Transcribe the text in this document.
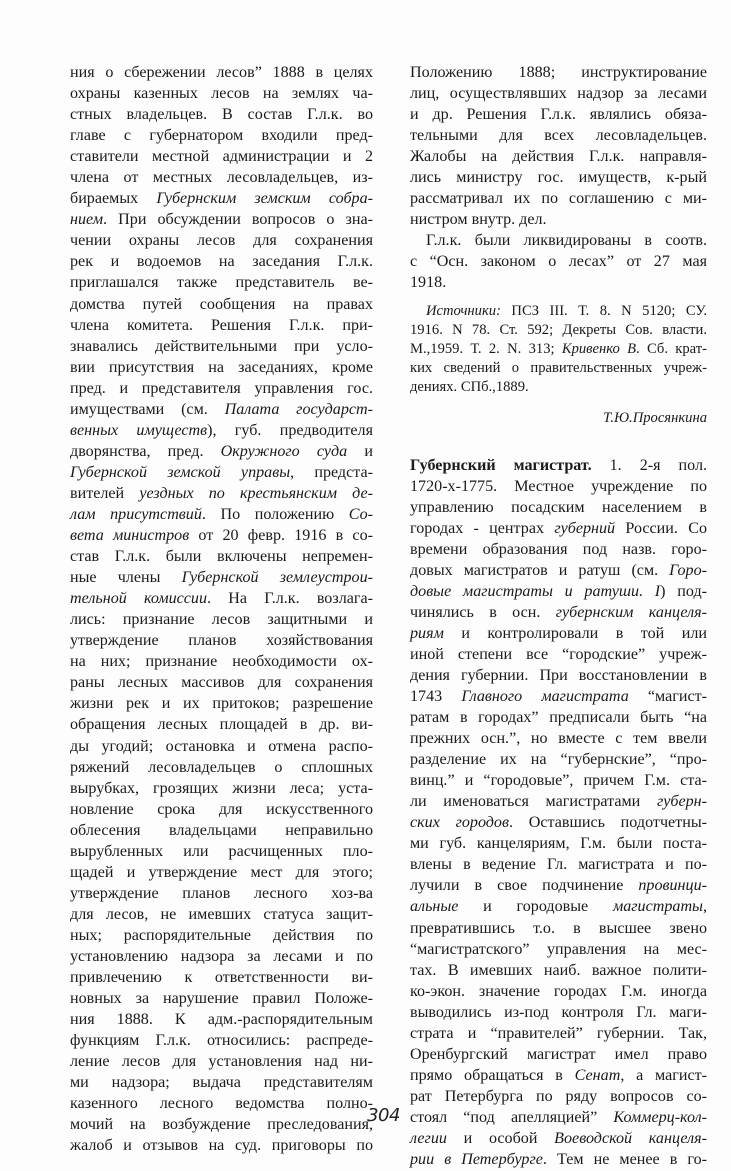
ния о сбережении лесов” 1888 в целях
охраны казенных лесов на землях ча-
стных владельцев. В состав Г.л.к. во
главе с губернатором входили пред-
ставители местной администрации и 2
члена от местных лесовладельцев, из-
бираемых Губернским земским собра-
нием. При обсуждении вопросов о зна-
чении охраны лесов для сохранения
рек и водоемов на заседания Г.л.к.
приглашался также представитель ве-
домства путей сообщения на правах
члена комитета. Решения Г.л.к. при-
знавались действительными при усло-
вии присутствия на заседаниях, кроме
пред. и представителя управления гос.
имуществами (см. Палата государст-
венных имуществ), губ. предводителя
дворянства, пред. Окружного суда и
Губернской земской управы, предста-
вителей уездных по крестьянским де-
лам присутствий. По положению Со-
вета министров от 20 февр. 1916 в со-
став Г.л.к. были включены непремен-
ные члены Губернской землеустрои-
тельной комиссии. На Г.л.к. возлага-
лись: признание лесов защитными и
утверждение планов хозяйствования
на них; признание необходимости ох-
раны лесных массивов для сохранения
жизни рек и их притоков; разрешение
обращения лесных площадей в др. ви-
ды угодий; остановка и отмена распо-
ряжений лесовладельцев о сплошных
вырубках, грозящих жизни леса; уста-
новление срока для искусственного
облесения владельцами неправильно
вырубленных или расчищенных пло-
щадей и утверждение мест для этого;
утверждение планов лесного хоз-ва
для лесов, не имевших статуса защит-
ных; распорядительные действия по
установлению надзора за лесами и по
привлечению к ответственности ви-
новных за нарушение правил Положе-
ния 1888. К адм.-распорядительным
функциям Г.л.к. относились: распреде-
ление лесов для установления над ни-
ми надзора; выдача представителям
казенного лесного ведомства полно-
мочий на возбуждение преследования,
жалоб и отзывов на суд. приговоры по
Положению 1888; инструктирование
лиц, осуществлявших надзор за лесами
и др. Решения Г.л.к. являлись обяза-
тельными для всех лесовладельцев.
Жалобы на действия Г.л.к. направля-
лись министру гос. имуществ, к-рый
рассматривал их по соглашению с ми-
нистром внутр. дел.
Г.л.к. были ликвидированы в соотв.
с “Осн. законом о лесах” от 27 мая
1918.
Источники: ПСЗ III. Т. 8. N 5120; СУ.
1916. N 78. Ст. 592; Декреты Сов. власти.
М.,1959. Т. 2. N. 313; Кривенко В. Сб. крат-
ких сведений о правительственных учреж-
дениях. СПб.,1889.
Т.Ю.Просянкина
Губернский магистрат. 1. 2-я пол.
1720-х-1775. Местное учреждение по
управлению посадским населением в
городах - центрах губерний России. Со
времени образования под назв. горо-
довых магистратов и ратуш (см. Горо-
довые магистраты и ратуши. I) под-
чинялись в осн. губернским канцеля-
риям и контролировали в той или
иной степени все “городские” учреж-
дения губернии. При восстановлении в
1743 Главного магистрата “магист-
ратам в городах” предписали быть “на
прежних осн.”, но вместе с тем ввели
разделение их на “губернские”, “про-
винц.” и “городовые”, причем Г.м. ста-
ли именоваться магистратами губерн-
ских городов. Оставшись подотчетны-
ми губ. канцеляриям, Г.м. были поста-
влены в ведение Гл. магистрата и по-
лучили в свое подчинение провинци-
альные и городовые магистраты,
превратившись т.о. в высшее звено
“магистратского” управления на мес-
тах. В имевших наиб. важное полити-
ко-экон. значение городах Г.м. иногда
выводились из-под контроля Гл. маги-
страта и “правителей” губернии. Так,
Оренбургский магистрат имел право
прямо обращаться в Сенат, а магист-
рат Петербурга по ряду вопросов со-
стоял “под апелляцией” Коммерц-кол-
легии и особой Воеводской канцеля-
рии в Петербурге. Тем не менее в го-
304
